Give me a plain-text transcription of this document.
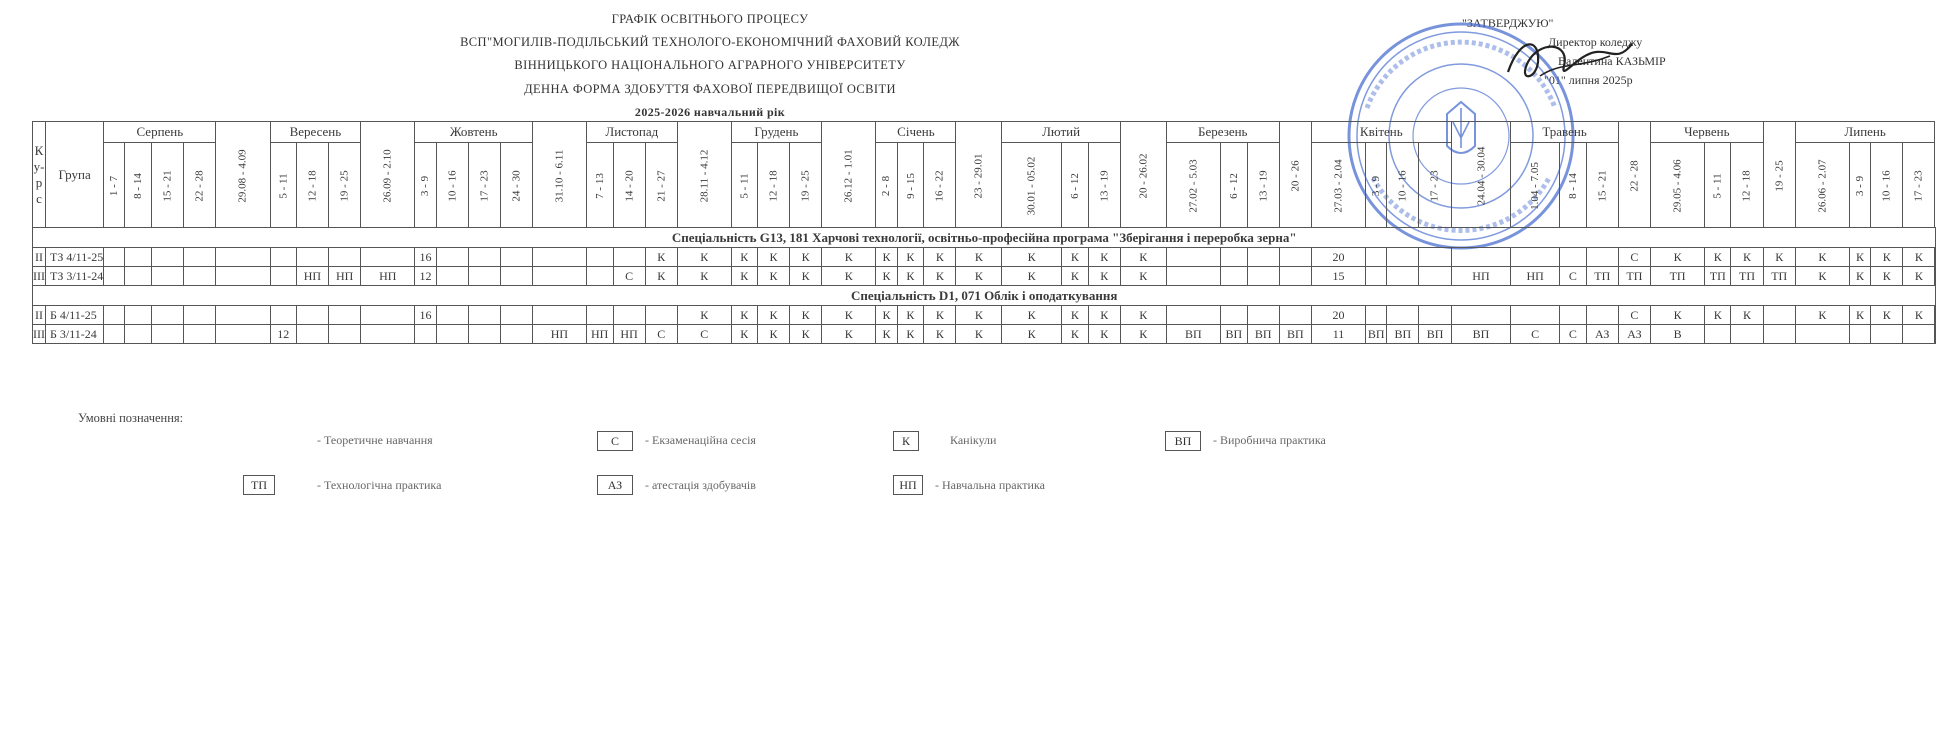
ГРАФІК ОСВІТНЬОГО ПРОЦЕСУ
ВСП"МОГИЛІВ-ПОДІЛЬСЬКИЙ ТЕХНОЛОГО-ЕКОНОМІЧНИЙ ФАХОВИЙ КОЛЕДЖ
ВІННИЦЬКОГО НАЦІОНАЛЬНОГО АГРАРНОГО УНІВЕРСИТЕТУ
ДЕННА ФОРМА ЗДОБУТТЯ ФАХОВОЇ ПЕРЕДВИЩОЇ ОСВІТИ
2025-2026 навчальний рік
"ЗАТВЕРДЖУЮ"
Директор коледжу
Валентина КАЗЬМІР
"01" липня 2025р
Ку-рс	Група	Серпень				29.08 - 4.09	Вересень			26.09 - 2.10	Жовтень				31.10 - 6.11	Листопад			28.11 - 4.12	Грудень			26.12 - 1.01	Січень			23 - 29.01	Лютий			20 - 26.02	Березень			20 - 26	Квітень				24.04 - 30.04	Травень			22 - 28	Червень			19 - 25	Липень				
		1 - 7	8 - 14	15 - 21	22 - 28		5 - 11	12 - 18	19 - 25		3 - 9	10 - 16	17 - 23	24 - 30		7 - 13	14 - 20	21 - 27		5 - 11	12 - 18	19 - 25		2 - 8	9 - 15	16 - 22		30.01 - 05.02	6 - 12	13 - 19		27.02 - 5.03	6 - 12	13 - 19		27.03 - 2.04	3 - 9	10 - 16	17 - 23		1.04 - 7.05	8 - 14	15 - 21		29.05 - 4.06	5 - 11	12 - 18		26.06 - 2.07	3 - 9	10 - 16	17 - 23	
Спеціальність G13, 181 Харчові технології, освітньо-професійна програма "Зберігання і переробка зерна"																																																					
ІІ	ТЗ 4/11-25										16							К	К	К	К	К	К	К	К	К	К	К	К	К	К					20								С	К	К	К	К	К	К	К	К	
ІІІ	ТЗ 3/11-24							НП	НП	НП	12						С	К	К	К	К	К	К	К	К	К	К	К	К	К	К					15				НП	НП	С	ТП	ТП	ТП	ТП	ТП	ТП	К	К	К	К	
Спеціальність D1, 071 Облік і оподаткування																																																					
ІІ	Б 4/11-25										16								К	К	К	К	К	К	К	К	К	К	К	К	К					20								С	К	К	К		К	К	К	К	
ІІІ	Б 3/11-24						12								НП	НП	НП	С	С	К	К	К	К	К	К	К	К	К	К	К	К	ВП	ВП	ВП	ВП	11	ВП	ВП	ВП	ВП	С	С	АЗ	АЗ	В								
Умовні позначення:
- Теоретичне навчання	С	- Екзаменаційна сесія	К	Канікули	ВП	- Виробнича практика
ТП	- Технологічна практика	АЗ	- атестація здобувачів	НП	- Навчальна практика
